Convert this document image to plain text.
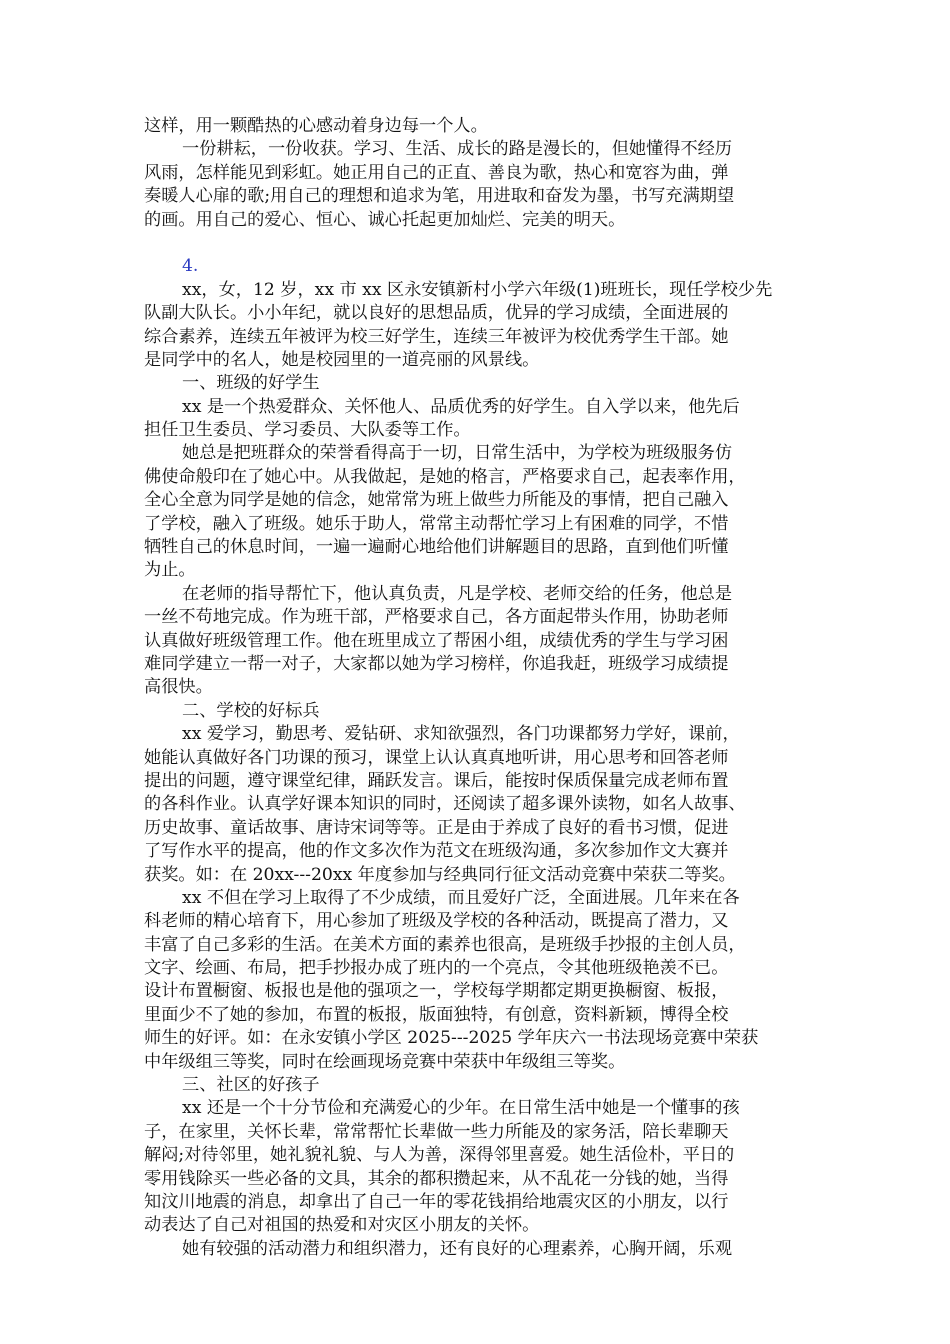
这样，用一颗酷热的心感动着身边每一个人。
一份耕耘，一份收获。学习、生活、成长的路是漫长的，但她懂得不经历
风雨，怎样能见到彩虹。她正用自己的正直、善良为歌，热心和宽容为曲，弹
奏暖人心扉的歌;用自己的理想和追求为笔，用进取和奋发为墨，书写充满期望
的画。用自己的爱心、恒心、诚心托起更加灿烂、完美的明天。
4.
xx，女，12 岁，xx 市 xx 区永安镇新村小学六年级(1)班班长，现任学校少先
队副大队长。小小年纪，就以良好的思想品质，优异的学习成绩，全面进展的
综合素养，连续五年被评为校三好学生，连续三年被评为校优秀学生干部。她
是同学中的名人，她是校园里的一道亮丽的风景线。
一、班级的好学生
xx 是一个热爱群众、关怀他人、品质优秀的好学生。自入学以来，他先后
担任卫生委员、学习委员、大队委等工作。
她总是把班群众的荣誉看得高于一切，日常生活中，为学校为班级服务仿
佛使命般印在了她心中。从我做起，是她的格言，严格要求自己，起表率作用，
全心全意为同学是她的信念，她常常为班上做些力所能及的事情，把自己融入
了学校，融入了班级。她乐于助人，常常主动帮忙学习上有困难的同学，不惜
牺牲自己的休息时间，一遍一遍耐心地给他们讲解题目的思路，直到他们听懂
为止。
在老师的指导帮忙下，他认真负责，凡是学校、老师交给的任务，他总是
一丝不苟地完成。作为班干部，严格要求自己，各方面起带头作用，协助老师
认真做好班级管理工作。他在班里成立了帮困小组，成绩优秀的学生与学习困
难同学建立一帮一对子，大家都以她为学习榜样，你追我赶，班级学习成绩提
高很快。
二、学校的好标兵
xx 爱学习，勤思考、爱钻研、求知欲强烈，各门功课都努力学好，课前，
她能认真做好各门功课的预习，课堂上认认真真地听讲，用心思考和回答老师
提出的问题，遵守课堂纪律，踊跃发言。课后，能按时保质保量完成老师布置
的各科作业。认真学好课本知识的同时，还阅读了超多课外读物，如名人故事、
历史故事、童话故事、唐诗宋词等等。正是由于养成了良好的看书习惯，促进
了写作水平的提高，他的作文多次作为范文在班级沟通，多次参加作文大赛并
获奖。如：在 20xx---20xx 年度参加与经典同行征文活动竞赛中荣获二等奖。
xx 不但在学习上取得了不少成绩，而且爱好广泛，全面进展。几年来在各
科老师的精心培育下，用心参加了班级及学校的各种活动，既提高了潜力，又
丰富了自己多彩的生活。在美术方面的素养也很高，是班级手抄报的主创人员，
文字、绘画、布局，把手抄报办成了班内的一个亮点，令其他班级艳羡不已。
设计布置橱窗、板报也是他的强项之一，学校每学期都定期更换橱窗、板报，
里面少不了她的参加，布置的板报，版面独特，有创意，资料新颖，博得全校
师生的好评。如：在永安镇小学区 2025---2025 学年庆六一书法现场竞赛中荣获
中年级组三等奖，同时在绘画现场竞赛中荣获中年级组三等奖。
三、社区的好孩子
xx 还是一个十分节俭和充满爱心的少年。在日常生活中她是一个懂事的孩
子，在家里，关怀长辈，常常帮忙长辈做一些力所能及的家务活，陪长辈聊天
解闷;对待邻里，她礼貌礼貌、与人为善，深得邻里喜爱。她生活俭朴，平日的
零用钱除买一些必备的文具，其余的都积攒起来，从不乱花一分钱的她，当得
知汶川地震的消息，却拿出了自己一年的零花钱捐给地震灾区的小朋友，以行
动表达了自己对祖国的热爱和对灾区小朋友的关怀。
她有较强的活动潜力和组织潜力，还有良好的心理素养，心胸开阔，乐观
